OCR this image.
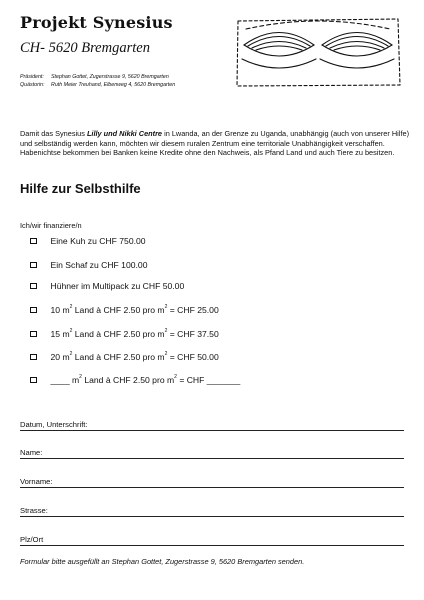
Projekt Synesius
CH- 5620 Bremgarten
Präsident:	Stephan Gottet, Zugerstrasse 9, 5620 Bremgarten
Quästorin:	Ruth Meier Treuhand, Elbenweg 4, 5620 Bremgarten
Damit das Synesius Lilly und Nikki Centre in Lwanda, an der Grenze zu Uganda, unabhängig (auch von unserer Hilfe) und selbständig werden kann, möchten wir diesem ruralen Zentrum eine territoriale Unabhängigkeit verschaffen. Habenichtse bekommen bei Banken keine Kredite ohne den Nachweis, als Pfand Land und auch Tiere zu besitzen.
Hilfe zur Selbsthilfe
Ich/wir finanziere/n
Eine Kuh zu CHF 750.00
Ein Schaf zu CHF 100.00
Hühner im Multipack zu CHF 50.00
10 $m^2$ Land à CHF 2.50 pro $m^2$ = CHF 25.00
15 $m^2$ Land à CHF 2.50 pro $m^2$ = CHF 37.50
20 $m^2$ Land à CHF 2.50 pro $m^2$ = CHF 50.00
____ $m^2$ Land à CHF 2.50 pro $m^2$ = CHF _______
Datum, Unterschrift:
Name:
Vorname:
Strasse:
Plz/Ort
Formular bitte ausgefüllt an Stephan Gottet, Zugerstrasse 9, 5620 Bremgarten senden.
